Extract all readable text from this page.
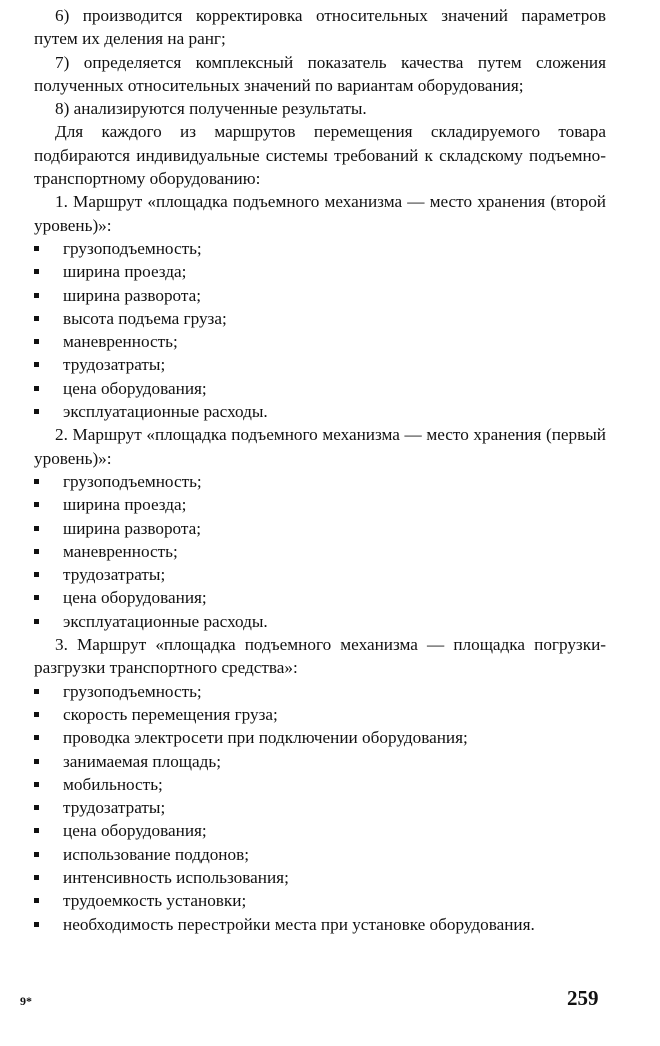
6) производится корректировка относительных значений параметров путем их деления на ранг;

7) определяется комплексный показатель качества путем сложения полученных относительных значений по вариантам оборудования;

8) анализируются полученные результаты.

Для каждого из маршрутов перемещения складируемого товара подбираются индивидуальные системы требований к складскому подъемно-транспортному оборудованию:

1. Маршрут «площадка подъемного механизма — место хранения (второй уровень)»:

грузоподъемность;
ширина проезда;
ширина разворота;
высота подъема груза;
маневренность;
трудозатраты;
цена оборудования;
эксплуатационные расходы.

2. Маршрут «площадка подъемного механизма — место хранения (первый уровень)»:

грузоподъемность;
ширина проезда;
ширина разворота;
маневренность;
трудозатраты;
цена оборудования;
эксплуатационные расходы.

3. Маршрут «площадка подъемного механизма — площадка погрузки-разгрузки транспортного средства»:

грузоподъемность;
скорость перемещения груза;
проводка электросети при подключении оборудования;
занимаемая площадь;
мобильность;
трудозатраты;
цена оборудования;
использование поддонов;
интенсивность использования;
трудоемкость установки;
необходимость перестройки места при установке оборудования.
9*	259
